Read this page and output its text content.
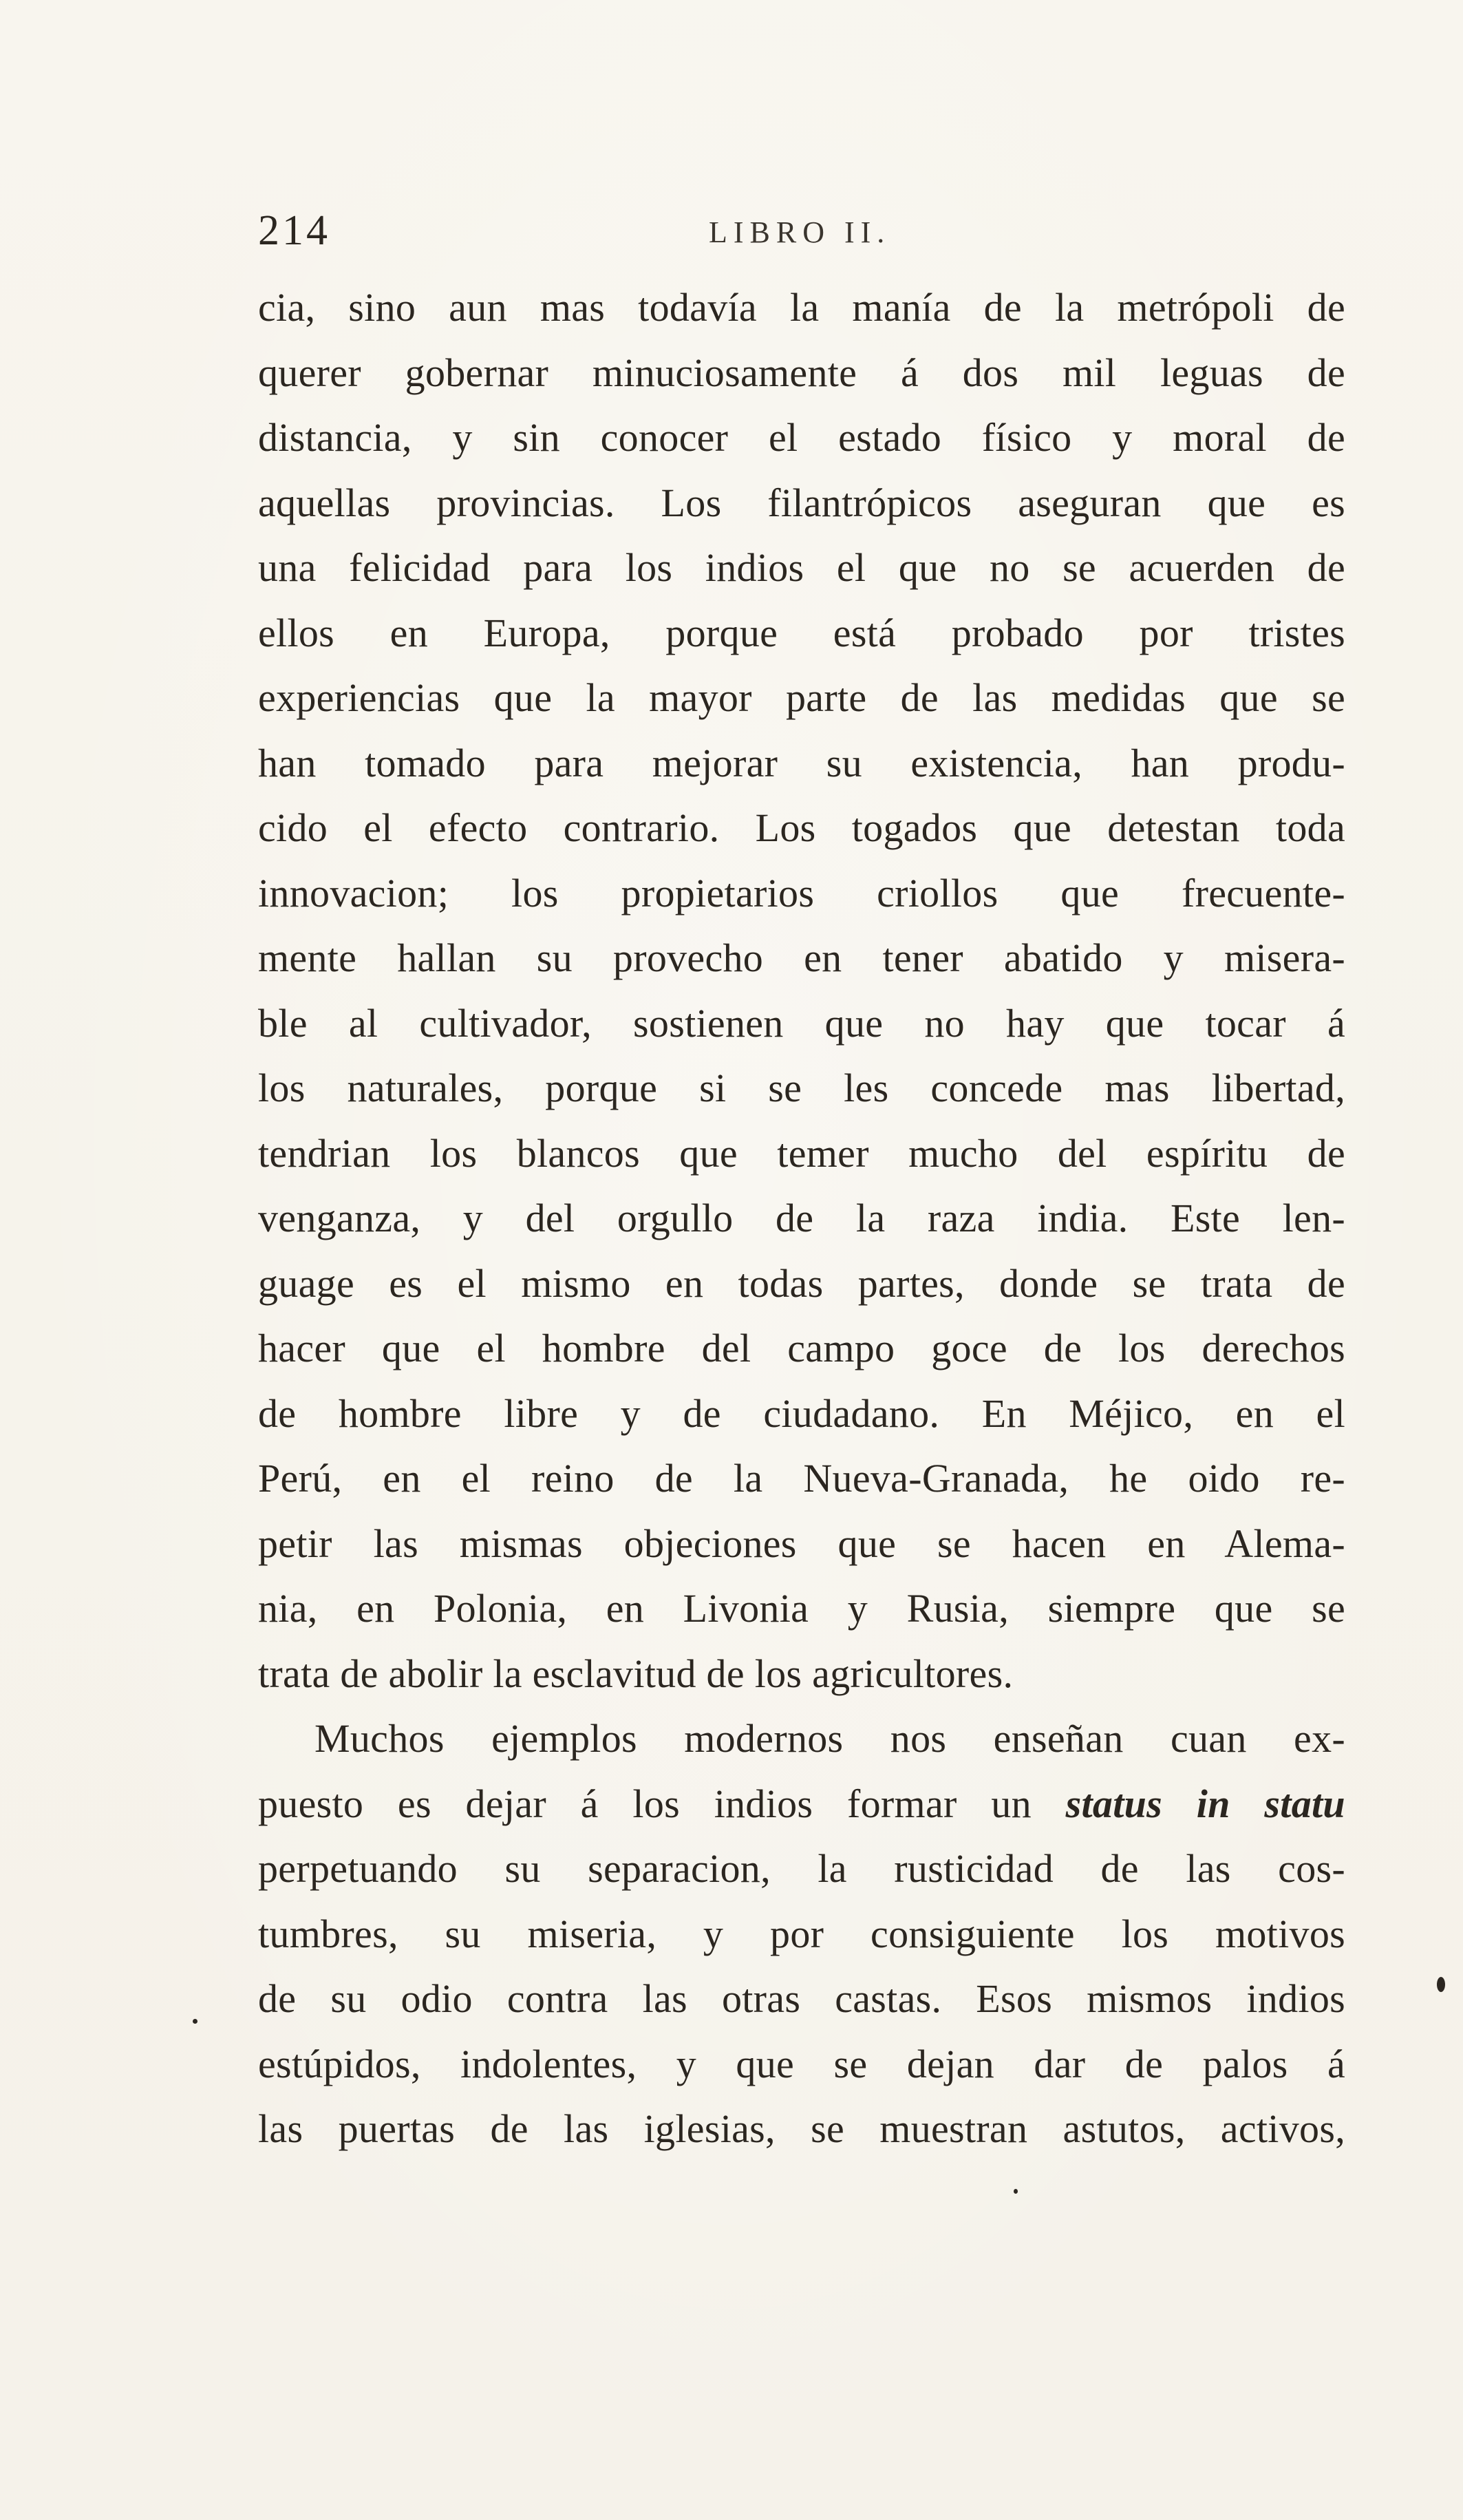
214	LIBRO II.
cia, sino aun mas todavía la manía de la metrópoli de
querer gobernar minuciosamente á dos mil leguas de
distancia, y sin conocer el estado físico y moral de
aquellas provincias. Los filantrópicos aseguran que es
una felicidad para los indios el que no se acuerden de
ellos en Europa, porque está probado por tristes
experiencias que la mayor parte de las medidas que se
han tomado para mejorar su existencia, han produ-
cido el efecto contrario. Los togados que detestan toda
innovacion; los propietarios criollos que frecuente-
mente hallan su provecho en tener abatido y misera-
ble al cultivador, sostienen que no hay que tocar á
los naturales, porque si se les concede mas libertad,
tendrian los blancos que temer mucho del espíritu de
venganza, y del orgullo de la raza india. Este len-
guage es el mismo en todas partes, donde se trata de
hacer que el hombre del campo goce de los derechos
de hombre libre y de ciudadano. En Méjico, en el
Perú, en el reino de la Nueva-Granada, he oido re-
petir las mismas objeciones que se hacen en Alema-
nia, en Polonia, en Livonia y Rusia, siempre que se
trata de abolir la esclavitud de los agricultores.
Muchos ejemplos modernos nos enseñan cuan ex-
puesto es dejar á los indios formar un status in statu
perpetuando su separacion, la rusticidad de las cos-
tumbres, su miseria, y por consiguiente los motivos
de su odio contra las otras castas. Esos mismos indios
estúpidos, indolentes, y que se dejan dar de palos á
las puertas de las iglesias, se muestran astutos, activos,
